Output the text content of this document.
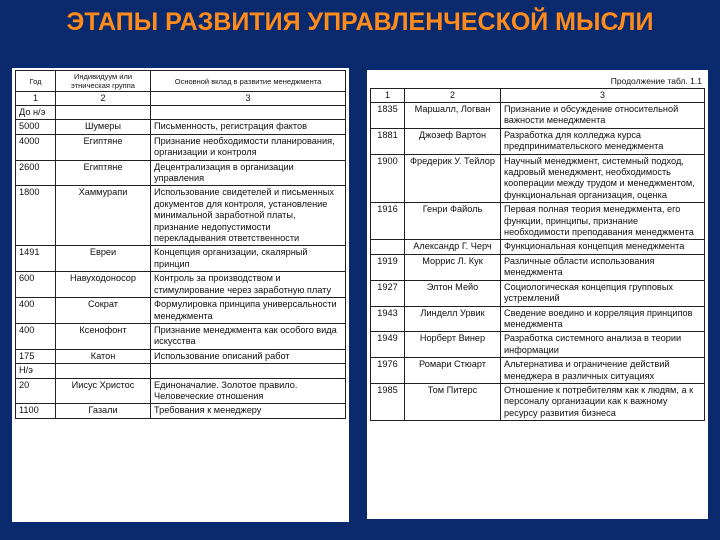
ЭТАПЫ РАЗВИТИЯ УПРАВЛЕНЧЕСКОЙ МЫСЛИ
Год	Индивидуум или этническая группа	Основной вклад в развитие менеджмента
1	2	3
До н/э		
5000	Шумеры	Письменность, регистрация фактов
4000	Египтяне	Признание необходимости планирования, организации и контроля
2600	Египтяне	Децентрализация в организации управления
1800	Хаммурапи	Использование свидетелей и письменных документов для контроля, установление минимальной заработной платы, признание недопустимости перекладывания ответственности
1491	Евреи	Концепция организации, скалярный принцип
600	Навуходоносор	Контроль за производством и стимулирование через заработную плату
400	Сократ	Формулировка принципа универсальности менеджмента
400	Ксенофонт	Признание менеджмента как особого вида искусства
175	Катон	Использование описаний работ
Н/э		
20	Иисус Христос	Единоначалие. Золотое правило. Человеческие отношения
1100	Газали	Требования к менеджеру
Продолжение табл. 1.1
1	2	3
1835	Маршалл, Логван	Признание и обсуждение относительной важности менеджмента
1881	Джозеф Вартон	Разработка для колледжа курса предпринимательского менеджмента
1900	Фредерик У. Тейлор	Научный менеджмент, системный подход, кадровый менеджмент, необходимость кооперации между трудом и менеджментом, функциональная организация, оценка
1916	Генри Файоль	Первая полная теория менеджмента, его функции, принципы, признание необходимости преподавания менеджмента
	Александр Г. Черч	Функциональная концепция менеджмента
1919	Моррис Л. Кук	Различные области использования менеджмента
1927	Элтон Мейо	Социологическая концепция групповых устремлений
1943	Линделл Урвик	Сведение воедино и корреляция принципов менеджмента
1949	Норберт Винер	Разработка системного анализа в теории информации
1976	Ромари Стюарт	Альтернатива и ограничение действий менеджера в различных ситуациях
1985	Том Питерс	Отношение к потребителям как к людям, а к персоналу организации как к важному ресурсу развития бизнеса
